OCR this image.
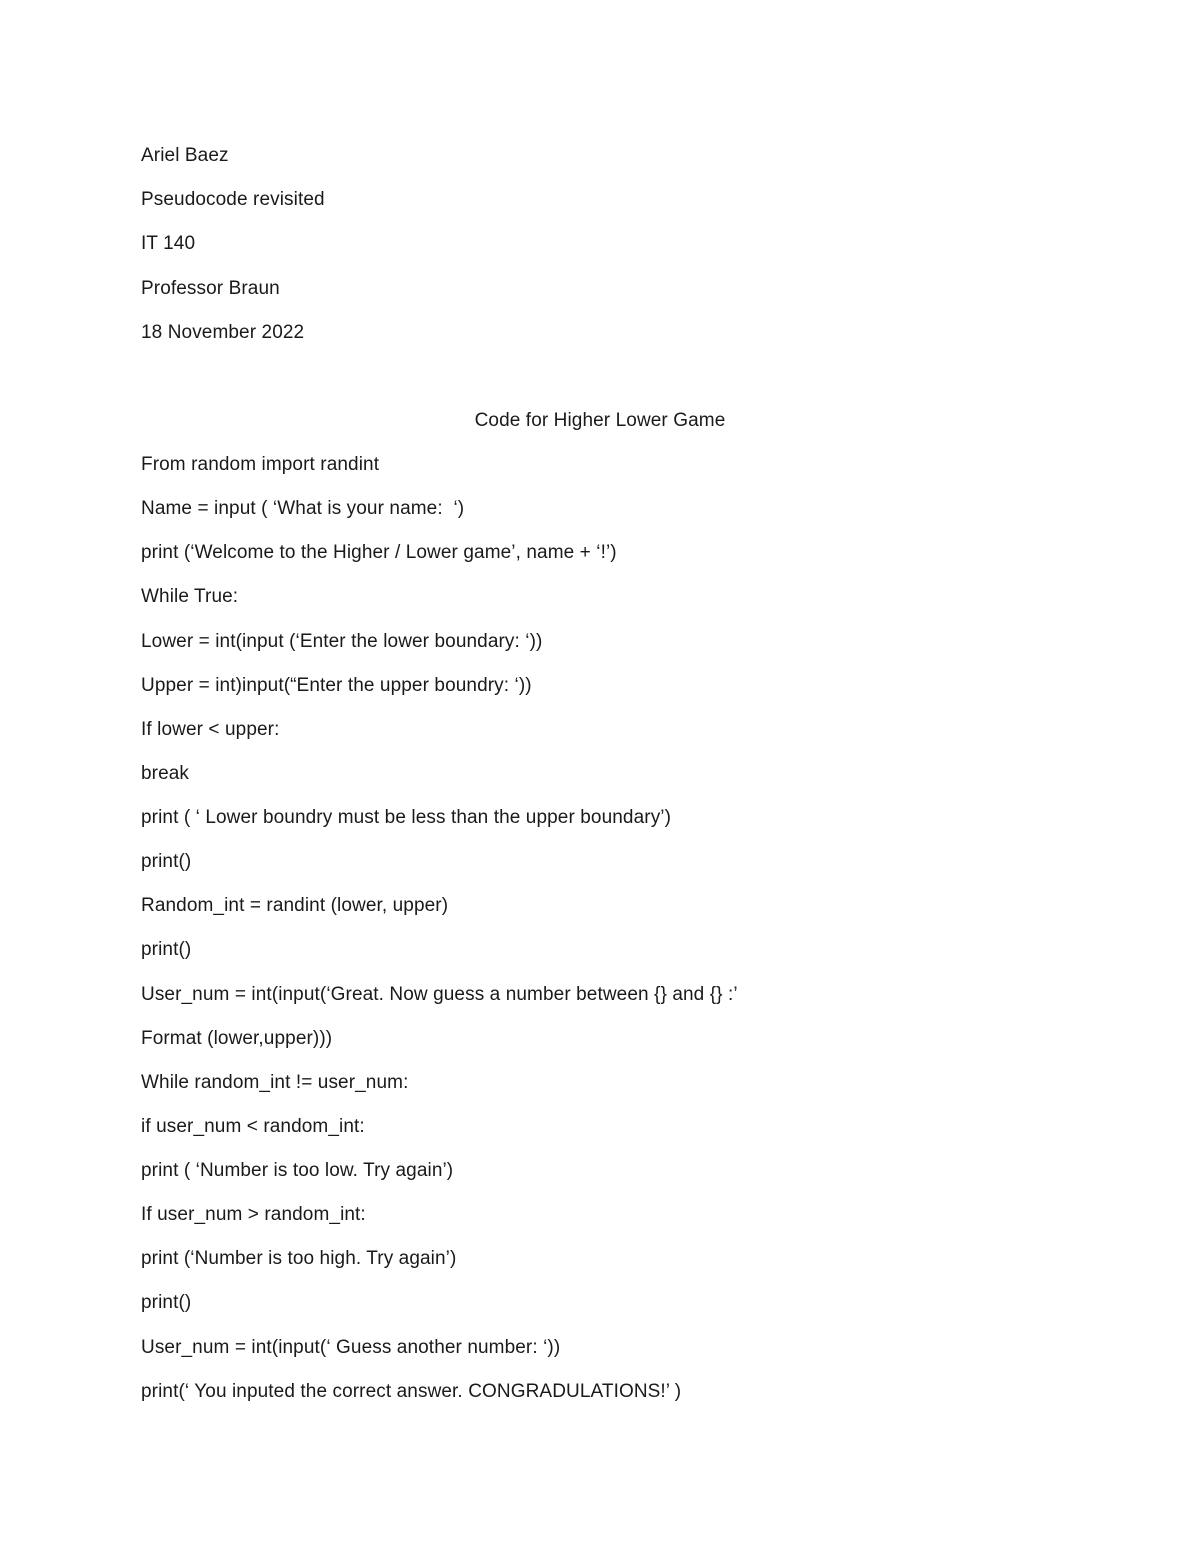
Ariel Baez
Pseudocode revisited
IT 140
Professor Braun
18 November 2022
Code for Higher Lower Game
From random import randint
Name = input ( ‘What is your name:  ‘)
print (‘Welcome to the Higher / Lower game’, name + ‘!’)
While True:
Lower = int(input (‘Enter the lower boundary: ‘))
Upper = int)input(“Enter the upper boundry: ‘))
If lower < upper:
break
print ( ‘ Lower boundry must be less than the upper boundary’)
print()
Random_int = randint (lower, upper)
print()
User_num = int(input(‘Great. Now guess a number between {} and {} :’
Format (lower,upper)))
While random_int != user_num:
if user_num < random_int:
print ( ‘Number is too low. Try again’)
If user_num > random_int:
print (‘Number is too high. Try again’)
print()
User_num = int(input(‘ Guess another number: ‘))
print(‘ You inputed the correct answer. CONGRADULATIONS!’ )
